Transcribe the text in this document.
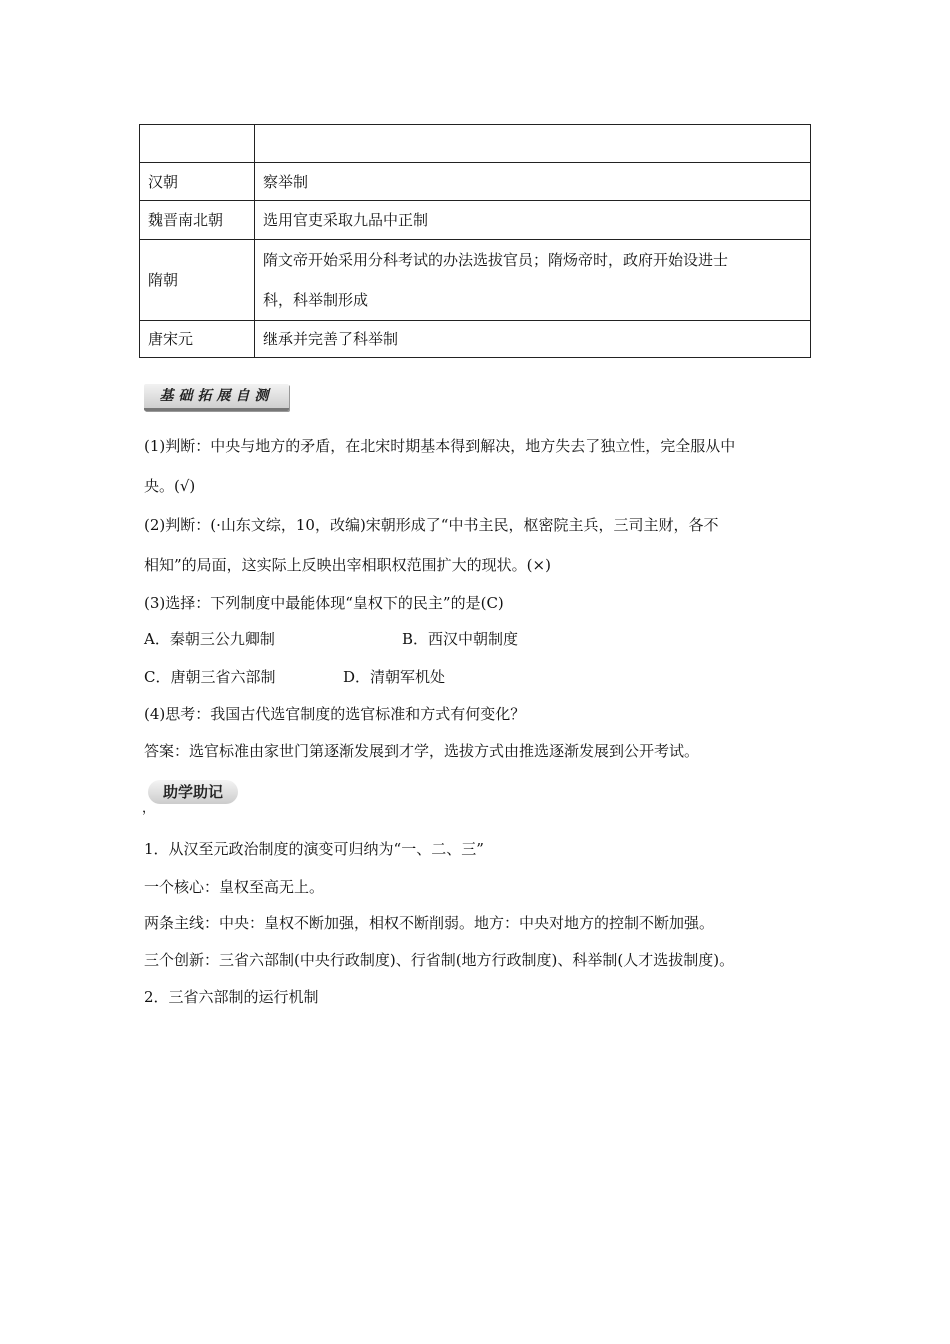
汉朝	察举制
魏晋南北朝	选用官吏采取九品中正制
隋朝	隋文帝开始采用分科考试的办法选拔官员；隋炀帝时，政府开始设进士
科，科举制形成

唐宋元	继承并完善了科举制
基础拓展自测
(1)判断：中央与地方的矛盾，在北宋时期基本得到解决，地方失去了独立性，完全服从中
央。(√)
(2)判断：(·山东文综，10，改编)宋朝形成了“中书主民，枢密院主兵，三司主财，各不
相知”的局面，这实际上反映出宰相职权范围扩大的现状。(×)
(3)选择：下列制度中最能体现“皇权下的民主”的是(C)
A．秦朝三公九卿制	B．西汉中朝制度
C．唐朝三省六部制	D．清朝军机处
(4)思考：我国古代选官制度的选官标准和方式有何变化？
答案：选官标准由家世门第逐渐发展到才学，选拔方式由推选逐渐发展到公开考试。
助学助记
，
1．从汉至元政治制度的演变可归纳为“一、二、三”
一个核心：皇权至高无上。
两条主线：中央：皇权不断加强，相权不断削弱。地方：中央对地方的控制不断加强。
三个创新：三省六部制(中央行政制度)、行省制(地方行政制度)、科举制(人才选拔制度)。
2．三省六部制的运行机制
